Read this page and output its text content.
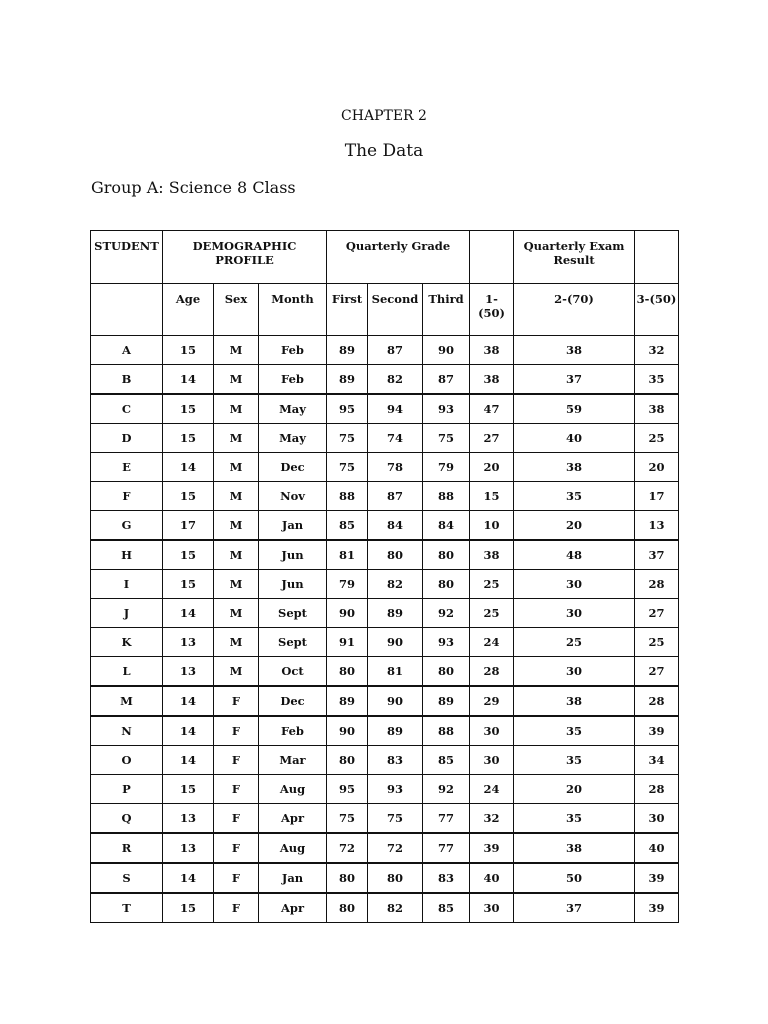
CHAPTER 2
The Data
Group A: Science 8 Class
STUDENT	DEMOGRAPHIC PROFILE			Quarterly Grade				Quarterly Exam Result	
	Age	Sex	Month	First	Second	Third	1-(50)	2-(70)	3-(50)
A	15	M	Feb	89	87	90	38	38	32
B	14	M	Feb	89	82	87	38	37	35
C	15	M	May	95	94	93	47	59	38
D	15	M	May	75	74	75	27	40	25
E	14	M	Dec	75	78	79	20	38	20
F	15	M	Nov	88	87	88	15	35	17
G	17	M	Jan	85	84	84	10	20	13
H	15	M	Jun	81	80	80	38	48	37
I	15	M	Jun	79	82	80	25	30	28
J	14	M	Sept	90	89	92	25	30	27
K	13	M	Sept	91	90	93	24	25	25
L	13	M	Oct	80	81	80	28	30	27
M	14	F	Dec	89	90	89	29	38	28
N	14	F	Feb	90	89	88	30	35	39
O	14	F	Mar	80	83	85	30	35	34
P	15	F	Aug	95	93	92	24	20	28
Q	13	F	Apr	75	75	77	32	35	30
R	13	F	Aug	72	72	77	39	38	40
S	14	F	Jan	80	80	83	40	50	39
T	15	F	Apr	80	82	85	30	37	39
